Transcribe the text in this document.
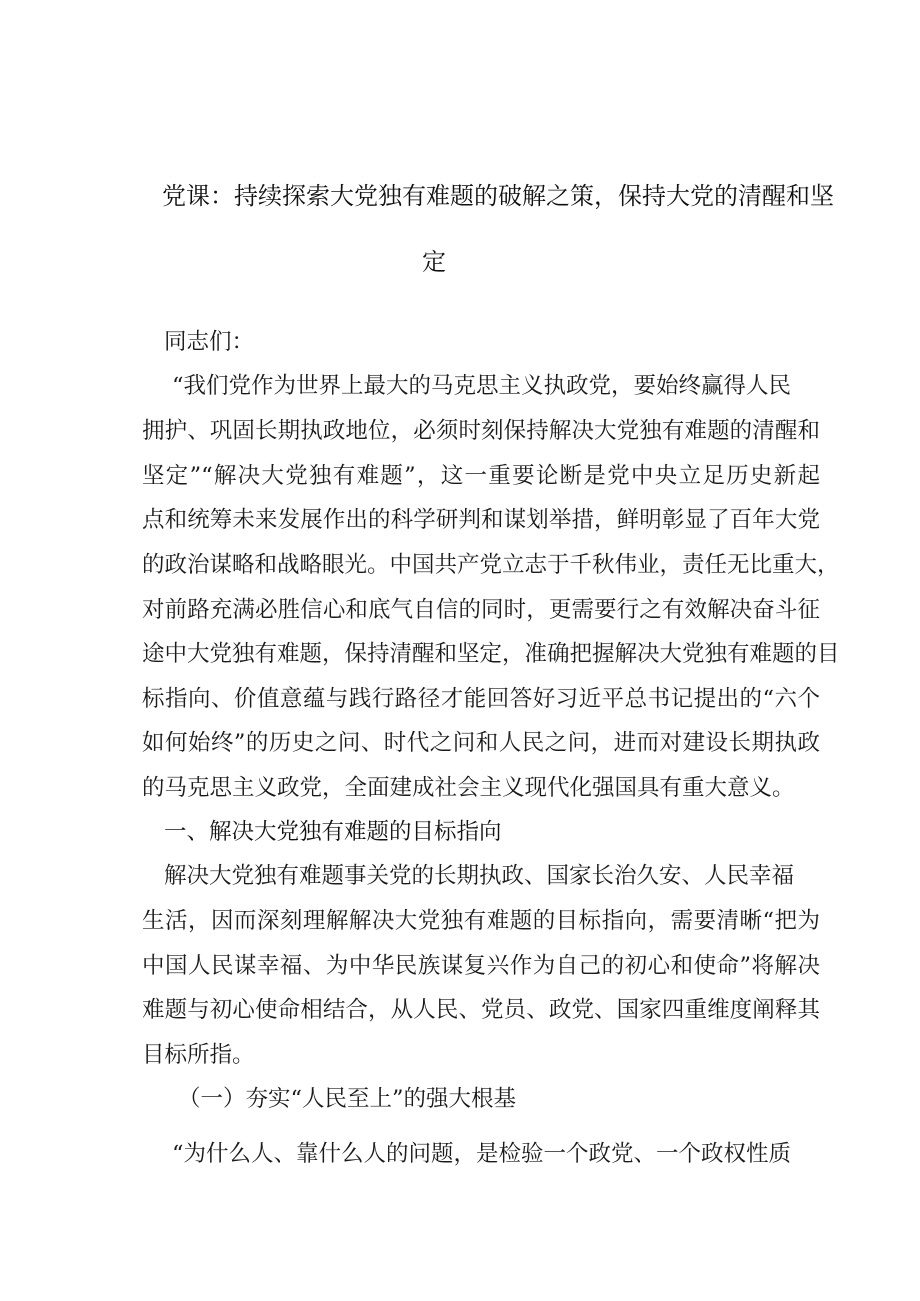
党课：持续探索大党独有难题的破解之策，保持大党的清醒和坚
定
同志们：
“我们党作为世界上最大的马克思主义执政党，要始终赢得人民
拥护、巩固长期执政地位，必须时刻保持解决大党独有难题的清醒和
坚定”“解决大党独有难题”，这一重要论断是党中央立足历史新起
点和统筹未来发展作出的科学研判和谋划举措，鲜明彰显了百年大党
的政治谋略和战略眼光。中国共产党立志于千秋伟业，责任无比重大，
对前路充满必胜信心和底气自信的同时，更需要行之有效解决奋斗征
途中大党独有难题，保持清醒和坚定，准确把握解决大党独有难题的目
标指向、价值意蕴与践行路径才能回答好习近平总书记提出的“六个
如何始终”的历史之问、时代之问和人民之问，进而对建设长期执政
的马克思主义政党，全面建成社会主义现代化强国具有重大意义。
一、解决大党独有难题的目标指向
解决大党独有难题事关党的长期执政、国家长治久安、人民幸福
生活，因而深刻理解解决大党独有难题的目标指向，需要清晰“把为
中国人民谋幸福、为中华民族谋复兴作为自己的初心和使命”将解决
难题与初心使命相结合，从人民、党员、政党、国家四重维度阐释其
目标所指。
（一）夯实“人民至上”的强大根基
“为什么人、靠什么人的问题，是检验一个政党、一个政权性质
